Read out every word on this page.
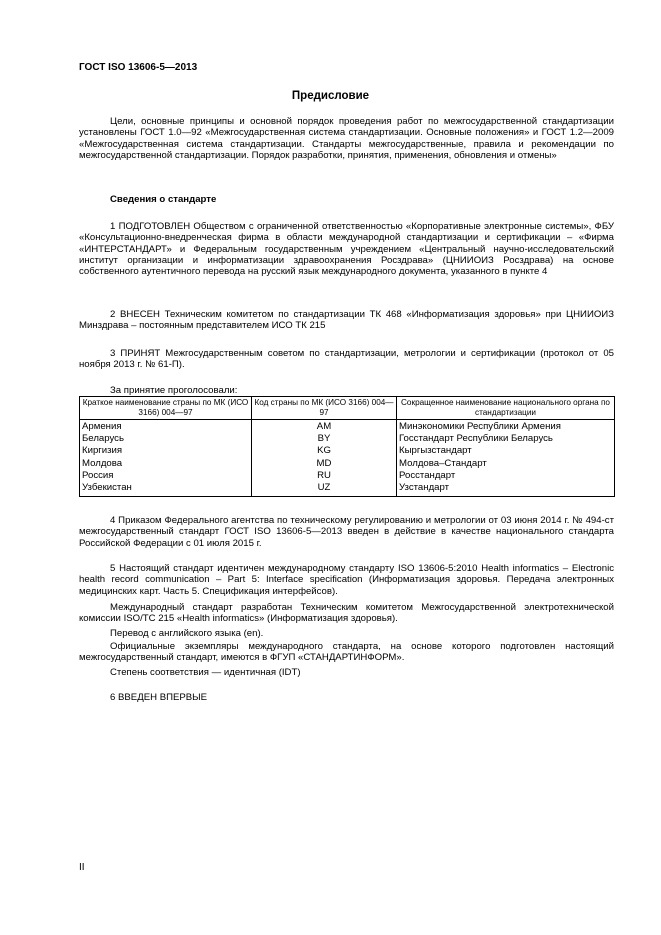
ГОСТ ISO 13606-5—2013
Предисловие
Цели, основные принципы и основной порядок проведения работ по межгосударственной стандартизации установлены ГОСТ 1.0—92 «Межгосударственная система стандартизации. Основные положения» и ГОСТ 1.2—2009 «Межгосударственная система стандартизации. Стандарты межгосударственные, правила и рекомендации по межгосударственной стандартизации. Порядок разработки, принятия, применения, обновления и отмены»
Сведения о стандарте
1 ПОДГОТОВЛЕН Обществом с ограниченной ответственностью «Корпоративные электронные системы», ФБУ «Консультационно-внедренческая фирма в области международной стандартизации и сертификации – «Фирма «ИНТЕРСТАНДАРТ» и Федеральным государственным учреждением «Центральный научно-исследовательский институт организации и информатизации здравоохранения Росздрава» (ЦНИИОИЗ Росздрава) на основе собственного аутентичного перевода на русский язык международного документа, указанного в пункте 4
2 ВНЕСЕН Техническим комитетом по стандартизации ТК 468 «Информатизация здоровья» при ЦНИИОИЗ Минздрава – постоянным представителем ИСО ТК 215
3 ПРИНЯТ Межгосударственным советом по стандартизации, метрологии и сертификации (протокол от 05 ноября 2013 г. № 61-П).
За принятие проголосовали:
Краткое наименование страны по МК (ИСО 3166) 004—97	Код страны по МК (ИСО 3166) 004—97	Сокращенное наименование национального органа по стандартизации
Армения	AM	Минэкономики Республики Армения
Беларусь	BY	Госстандарт Республики Беларусь
Киргизия	KG	Кыргызстандарт
Молдова	MD	Молдова–Стандарт
Россия	RU	Росстандарт
Узбекистан	UZ	Узстандарт
4 Приказом Федерального агентства по техническому регулированию и метрологии от 03 июня 2014 г. № 494-ст межгосударственный стандарт ГОСТ ISO 13606-5—2013 введен в действие в качестве национального стандарта Российской Федерации с 01 июля 2015 г.
5 Настоящий стандарт идентичен международному стандарту ISO 13606-5:2010 Health informatics – Electronic health record communication – Part 5: Interface specification (Информатизация здоровья. Передача электронных медицинских карт. Часть 5. Спецификация интерфейсов).
Международный стандарт разработан Техническим комитетом Межгосударственной электротехнической комиссии ISO/TC 215 «Health informatics» (Информатизация здоровья).
Перевод с английского языка (en).
Официальные экземпляры международного стандарта, на основе которого подготовлен настоящий межгосударственный стандарт, имеются в ФГУП «СТАНДАРТИНФОРМ».
Степень соответствия — идентичная (IDT)
6 ВВЕДЕН ВПЕРВЫЕ
II
